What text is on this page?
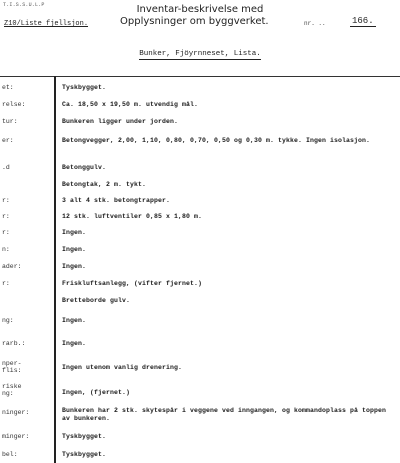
T.I.S.S.U.L.P	Inventar-beskrivelse med
Z10/Liste fjellsjon.	Opplysninger om byggverket.	nr. ..	166.
Bunker, Fjöyrnneset, Lista.
et:	Tyskbygget.
relse:	Ca. 18,50 x 19,50 m. utvendig mål.
tur:	Bunkeren ligger under jorden.
er:	Betongvegger, 2,00, 1,10, 0,80, 0,70, 0,50 og 0,30 m. tykke. Ingen isolasjon.
.d	Betonggulv.
Betongtak, 2 m. tykt.
r:	3 alt 4 stk. betongtrapper.
r:	12 stk. luftventiler 0,85 x 1,80 m.
r:	Ingen.
n:	Ingen.
ader:	Ingen.
r:	Friskluftsanlegg, (vifter fjernet.)
Bretteborde gulv.
ng:	Ingen.
rarb.:	Ingen.
nper-
flis:	Ingen utenom vanlig drenering.
riske
ng:	Ingen, (fjernet.)
ninger:	Bunkeren har 2 stk. skytespår i veggene ved inngangen, og kommandoplass på toppen av bunkeren.
minger:	Tyskbygget.
bel:	Tyskbygget.
